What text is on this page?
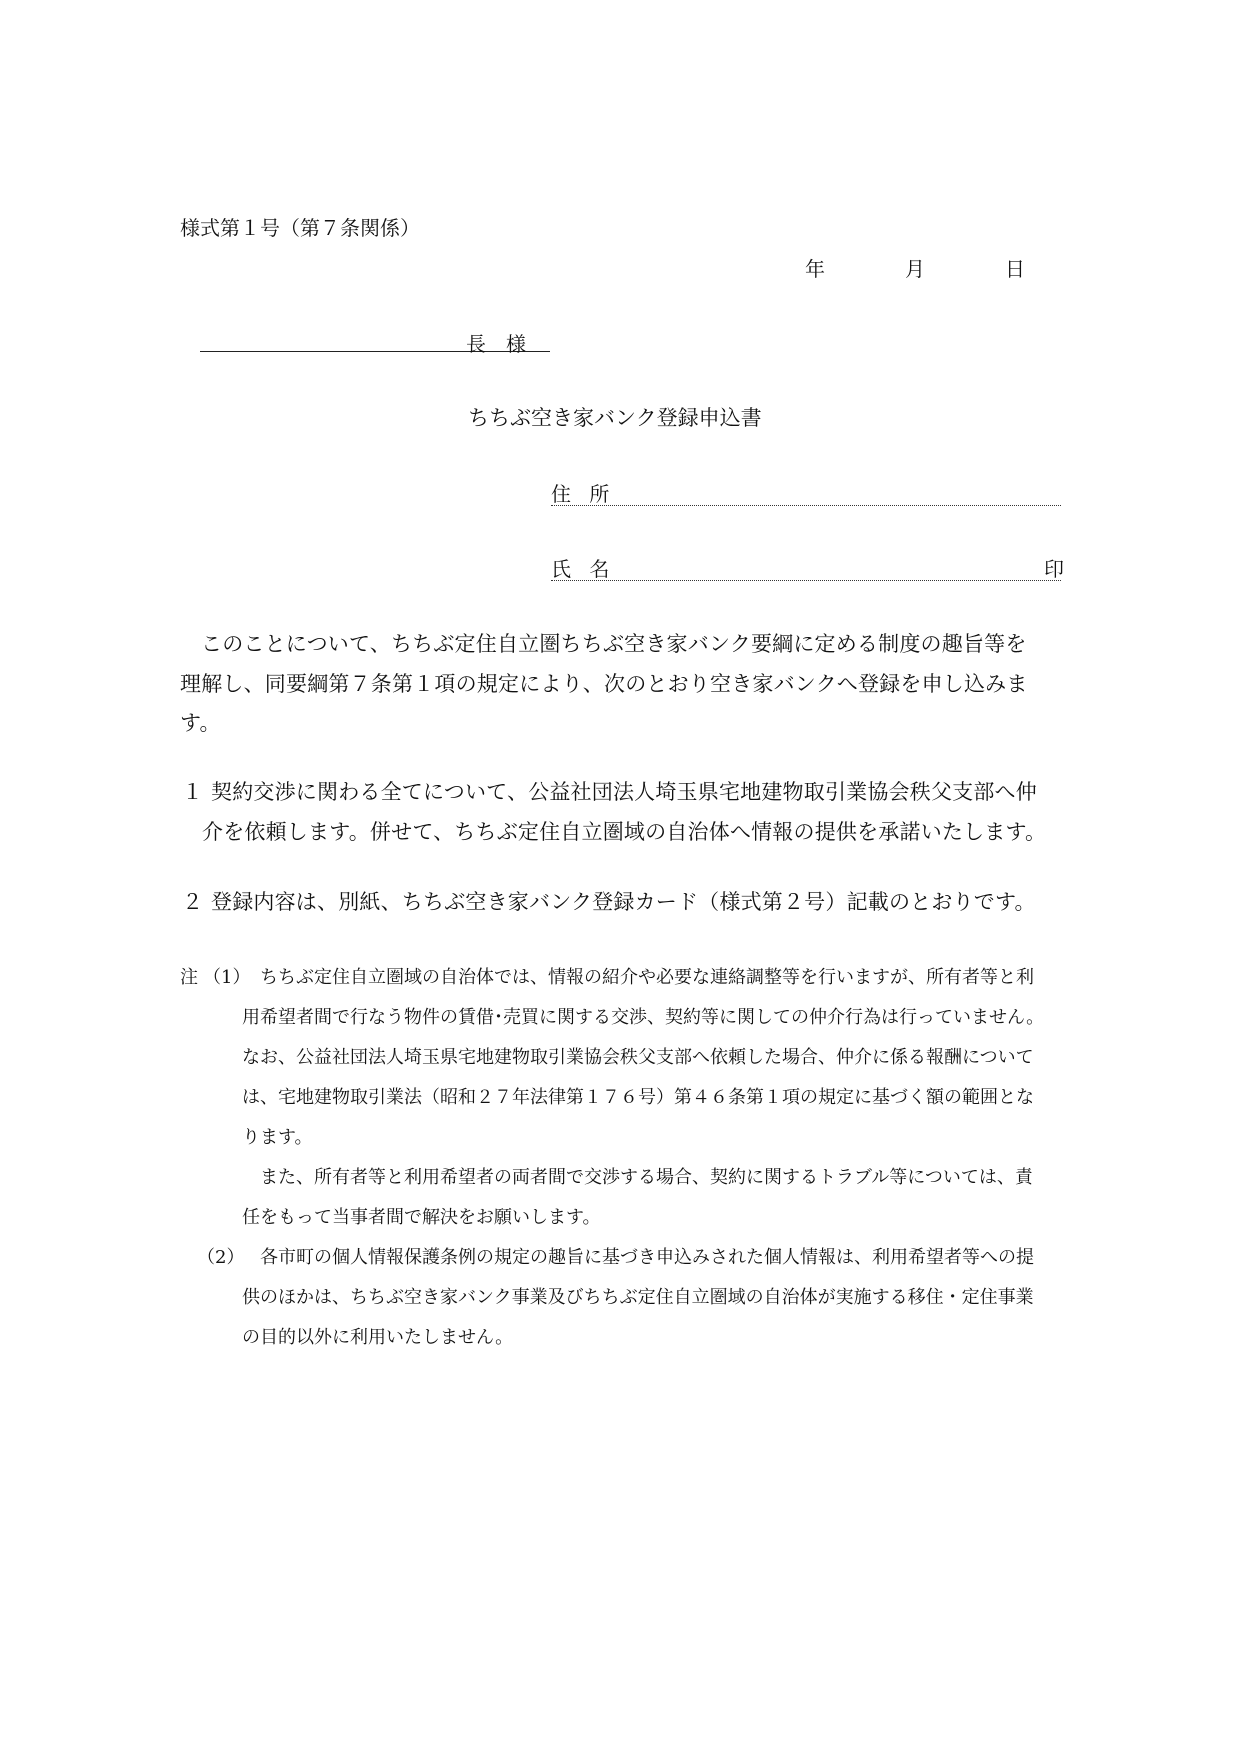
様式第１号（第７条関係）
年	月	日
長　様
ちちぶ空き家バンク登録申込書
住 所
氏 名	印
このことについて、ちちぶ定住自立圏ちちぶ空き家バンク要綱に定める制度の趣旨等を
理解し、同要綱第７条第１項の規定により、次のとおり空き家バンクへ登録を申し込みま
す。
１ 契約交渉に関わる全てについて、公益社団法人埼玉県宅地建物取引業協会秩父支部へ仲
介を依頼します。併せて、ちちぶ定住自立圏域の自治体へ情報の提供を承諾いたします。
２ 登録内容は、別紙、ちちぶ空き家バンク登録カード（様式第２号）記載のとおりです。
注 （1） ちちぶ定住自立圏域の自治体では、情報の紹介や必要な連絡調整等を行いますが、所有者等と利
用希望者間で行なう物件の賃借･売買に関する交渉、契約等に関しての仲介行為は行っていません。
なお、公益社団法人埼玉県宅地建物取引業協会秩父支部へ依頼した場合、仲介に係る報酬について
は、宅地建物取引業法（昭和２７年法律第１７６号）第４６条第１項の規定に基づく額の範囲とな
ります。
　また、所有者等と利用希望者の両者間で交渉する場合、契約に関するトラブル等については、責
任をもって当事者間で解決をお願いします。
（2） 各市町の個人情報保護条例の規定の趣旨に基づき申込みされた個人情報は、利用希望者等への提
供のほかは、ちちぶ空き家バンク事業及びちちぶ定住自立圏域の自治体が実施する移住・定住事業
の目的以外に利用いたしません。
